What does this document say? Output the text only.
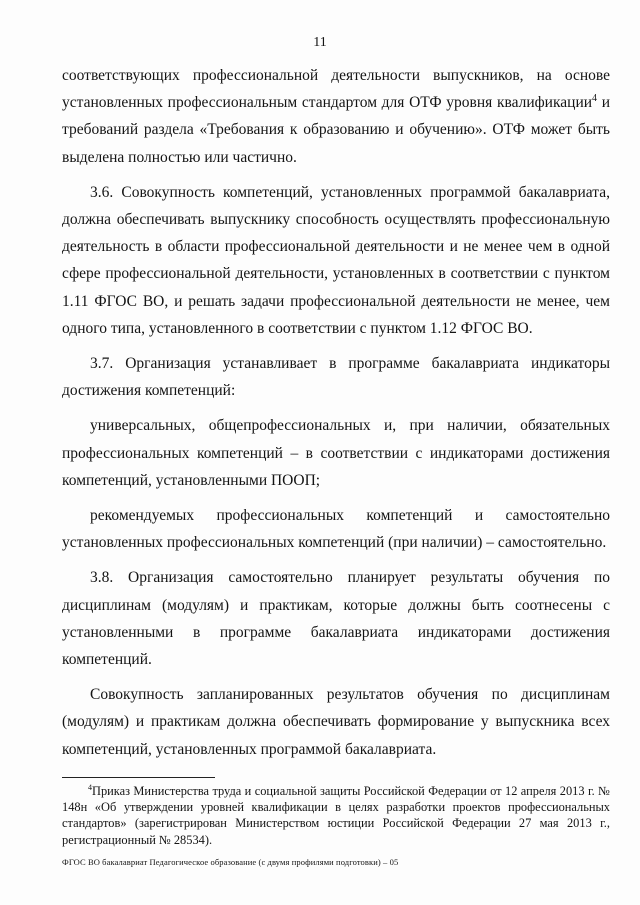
11

соответствующих профессиональной деятельности выпускников, на основе установленных профессиональным стандартом для ОТФ уровня квалификации$^4$ и требований раздела «Требования к образованию и обучению». ОТФ может быть выделена полностью или частично.

3.6. Совокупность компетенций, установленных программой бакалавриата, должна обеспечивать выпускнику способность осуществлять профессиональную деятельность в области профессиональной деятельности и не менее чем в одной сфере профессиональной деятельности, установленных в соответствии с пунктом 1.11 ФГОС ВО, и решать задачи профессиональной деятельности не менее, чем одного типа, установленного в соответствии с пунктом 1.12 ФГОС ВО.

3.7. Организация устанавливает в программе бакалавриата индикаторы достижения компетенций:

универсальных, общепрофессиональных и, при наличии, обязательных профессиональных компетенций – в соответствии с индикаторами достижения компетенций, установленными ПООП;

рекомендуемых профессиональных компетенций и самостоятельно установленных профессиональных компетенций (при наличии) – самостоятельно.

3.8. Организация самостоятельно планирует результаты обучения по дисциплинам (модулям) и практикам, которые должны быть соотнесены с установленными в программе бакалавриата индикаторами достижения компетенций.

Совокупность запланированных результатов обучения по дисциплинам (модулям) и практикам должна обеспечивать формирование у выпускника всех компетенций, установленных программой бакалавриата.

$^4$Приказ Министерства труда и социальной защиты Российской Федерации от 12 апреля 2013 г. № 148н «Об утверждении уровней квалификации в целях разработки проектов профессиональных стандартов» (зарегистрирован Министерством юстиции Российской Федерации 27 мая 2013 г., регистрационный № 28534).

ФГОС ВО бакалавриат Педагогическое образование (с двумя профилями подготовки) – 05
